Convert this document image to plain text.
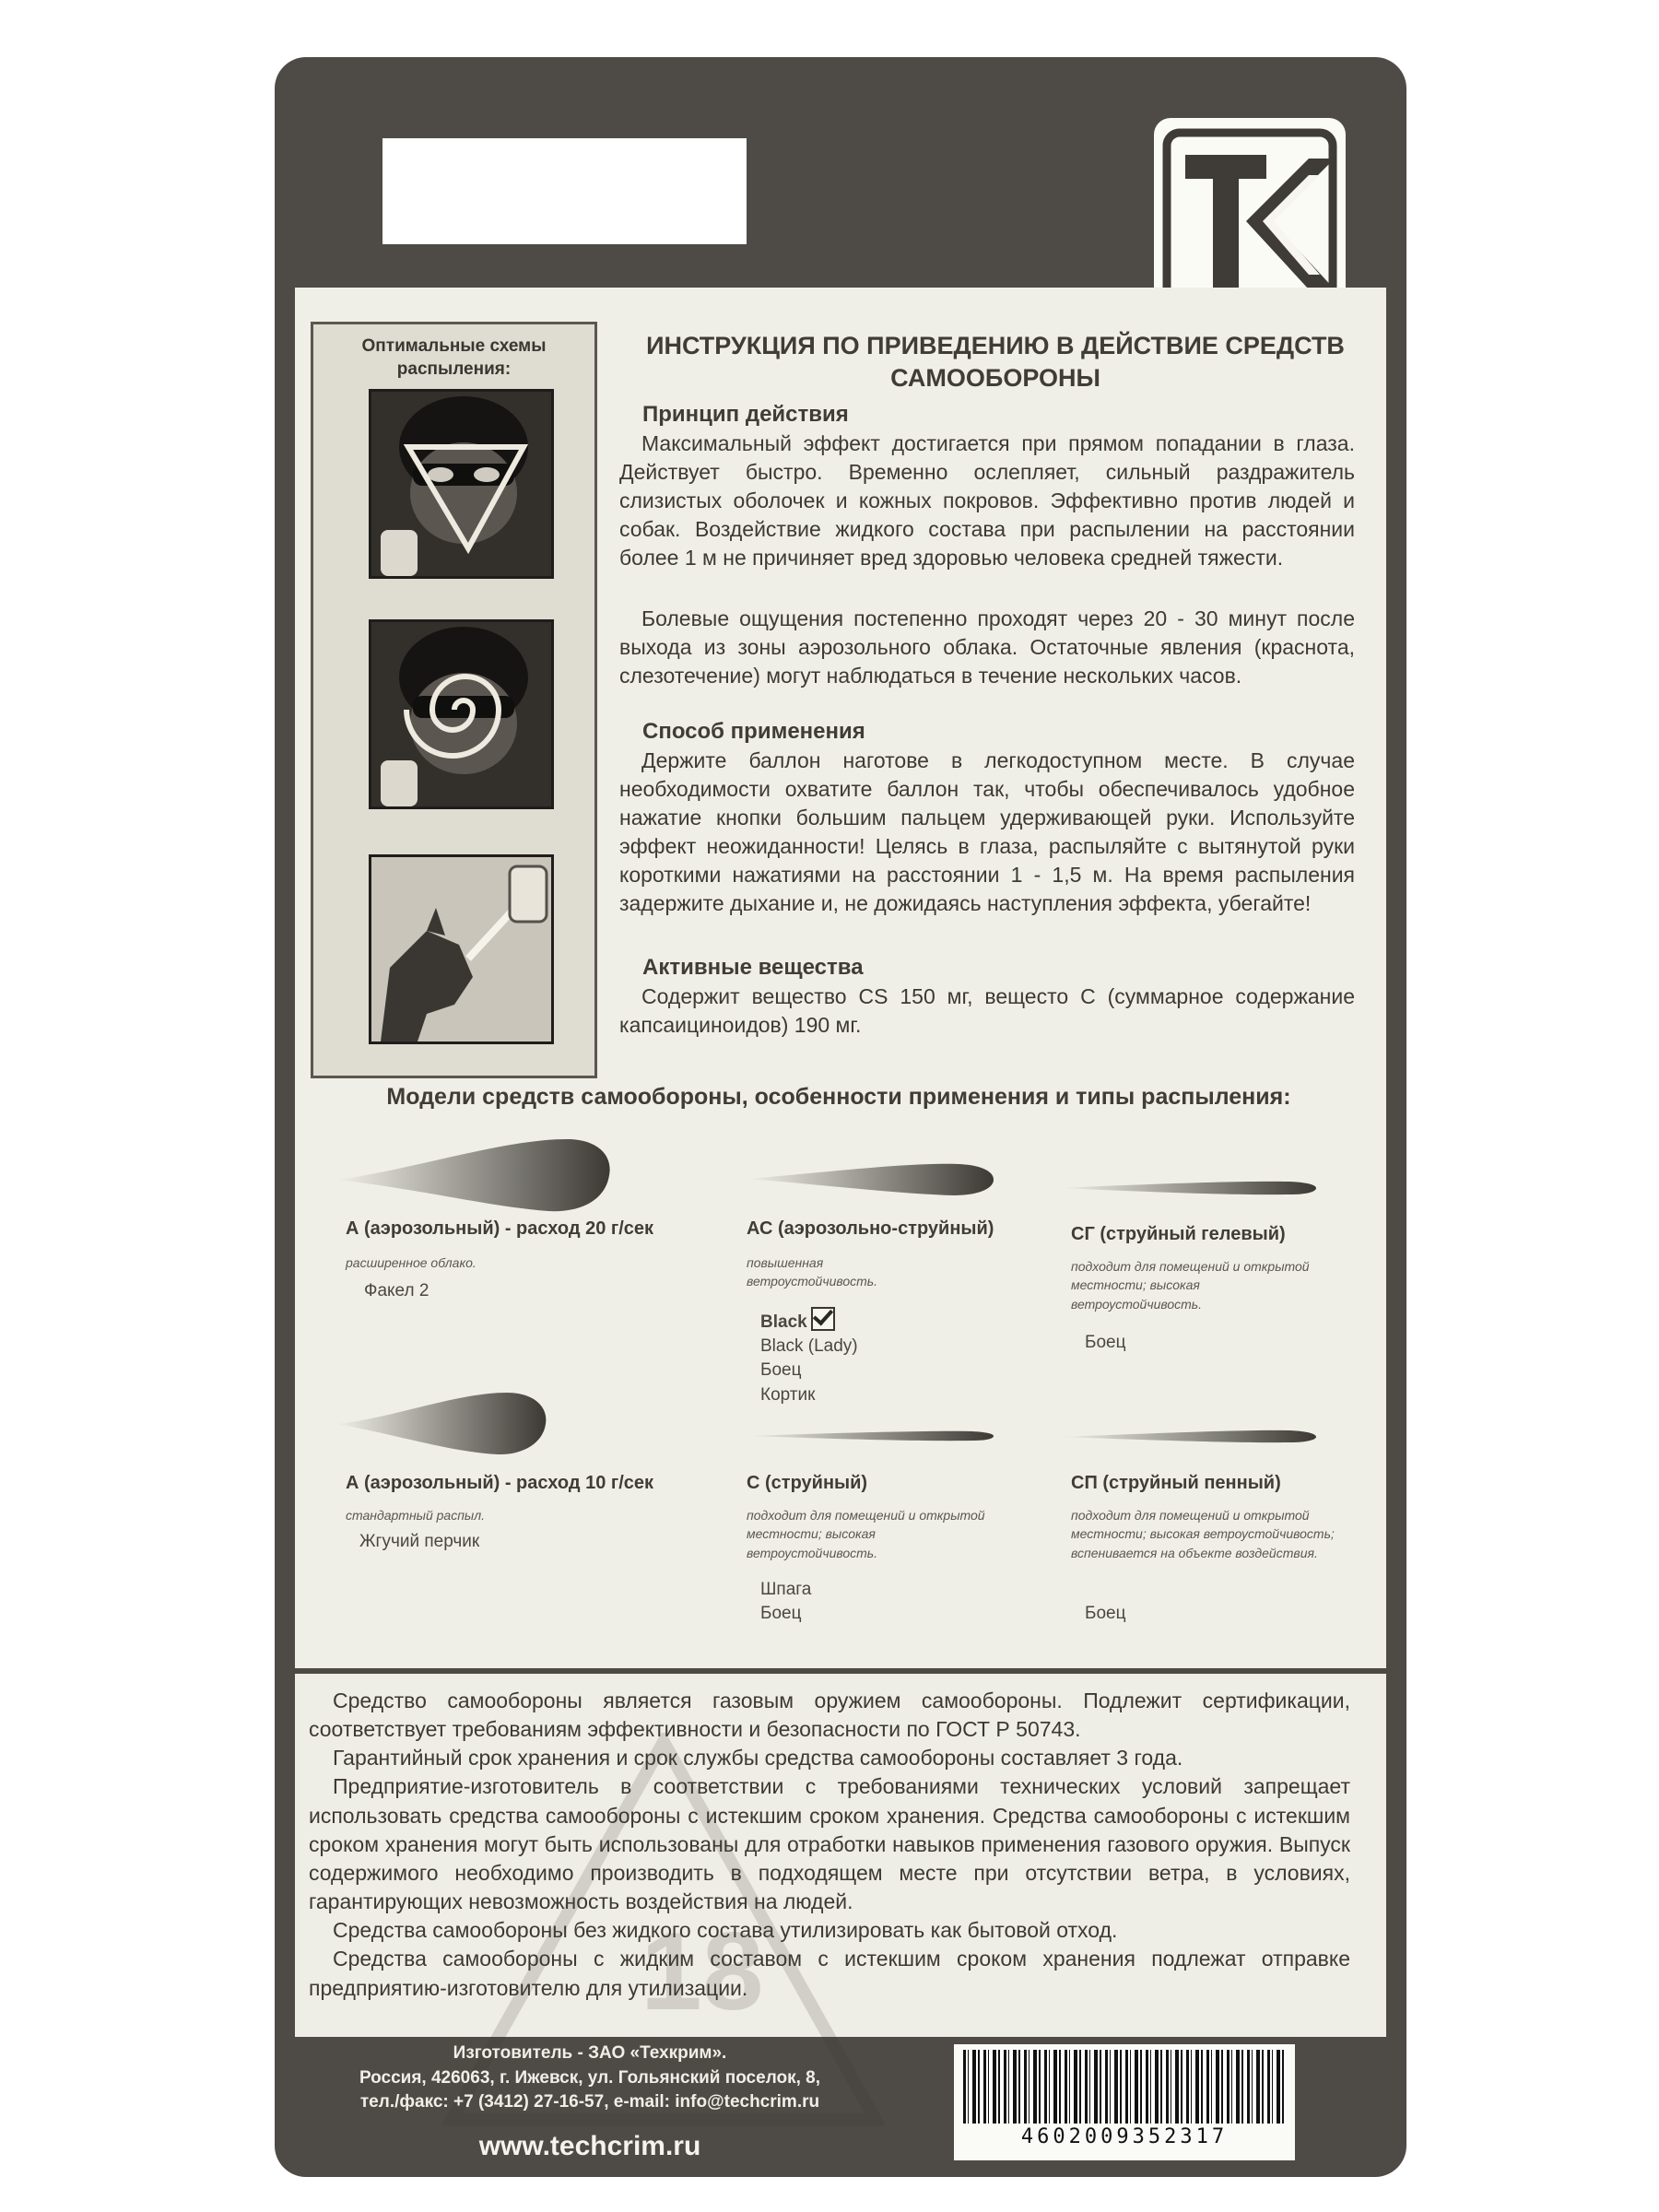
Оптимальные схемы распыления:
ИНСТРУКЦИЯ ПО ПРИВЕДЕНИЮ В ДЕЙСТВИЕ СРЕДСТВ САМООБОРОНЫ
Принцип действия
Максимальный эффект достигается при прямом попадании в глаза. Действует быстро. Временно ослепляет, сильный раздражитель слизистых оболочек и кожных покровов. Эффективно против людей и собак. Воздействие жидкого состава при распылении на расстоянии более 1 м не причиняет вред здоровью человека средней тяжести.
Болевые ощущения постепенно проходят через 20 - 30 минут после выхода из зоны аэрозольного облака. Остаточные явления (краснота, слезотечение) могут наблюдаться в течение нескольких часов.
Способ применения
Держите баллон наготове в легкодоступном месте. В случае необходимости охватите баллон так, чтобы обеспечивалось удобное нажатие кнопки большим пальцем удерживающей руки. Используйте эффект неожиданности! Целясь в глаза, распыляйте с вытянутой руки короткими нажатиями на расстоянии 1 - 1,5 м. На время распыления задержите дыхание и, не дожидаясь наступления эффекта, убегайте!
Активные вещества
Содержит вещество CS 150 мг, вещесто С (суммарное содержание капсаициноидов) 190 мг.
Модели средств самообороны, особенности применения и типы распыления:
А (аэрозольный) - расход 20 г/сек
расширенное облако.
Факел 2
АС (аэрозольно-струйный)
повышенная ветроустойчивость.
Black
Black (Lady)
Боец
Кортик
СГ (струйный гелевый)
подходит для помещений и открытой местности; высокая ветроустойчивость.
Боец
А (аэрозольный) - расход 10 г/сек
стандартный распыл.
Жгучий перчик
С (струйный)
подходит для помещений и открытой местности; высокая ветроустойчивость.
Шпага
Боец
СП (струйный пенный)
подходит для помещений и открытой местности; высокая ветроустойчивость; вспенивается на объекте воздействия.
Боец
18

Средство самообороны является газовым оружием самообороны. Подлежит сертификации, соответствует требованиям эффективности и безопасности по ГОСТ Р 50743.

Гарантийный срок хранения и срок службы средства самообороны составляет 3 года.

Предприятие-изготовитель в соответствии с требованиями технических условий запрещает использовать средства самообороны с истекшим сроком хранения. Средства самообороны с истекшим сроком хранения могут быть использованы для отработки навыков применения газового оружия. Выпуск содержимого необходимо производить в подходящем месте при отсутствии ветра, в условиях, гарантирующих невозможность воздействия на людей.

Средства самообороны без жидкого состава утилизировать как бытовой отход.

Средства самообороны с жидким составом с истекшим сроком хранения подлежат отправке предприятию-изготовителю для утилизации.

Изготовитель - ЗАО «Техкрим».
Россия, 426063, г. Ижевск, ул. Гольянский поселок, 8,
тел./факс: +7 (3412) 27-16-57, e-mail: info@techcrim.ru
www.techcrim.ru	4602009352317
